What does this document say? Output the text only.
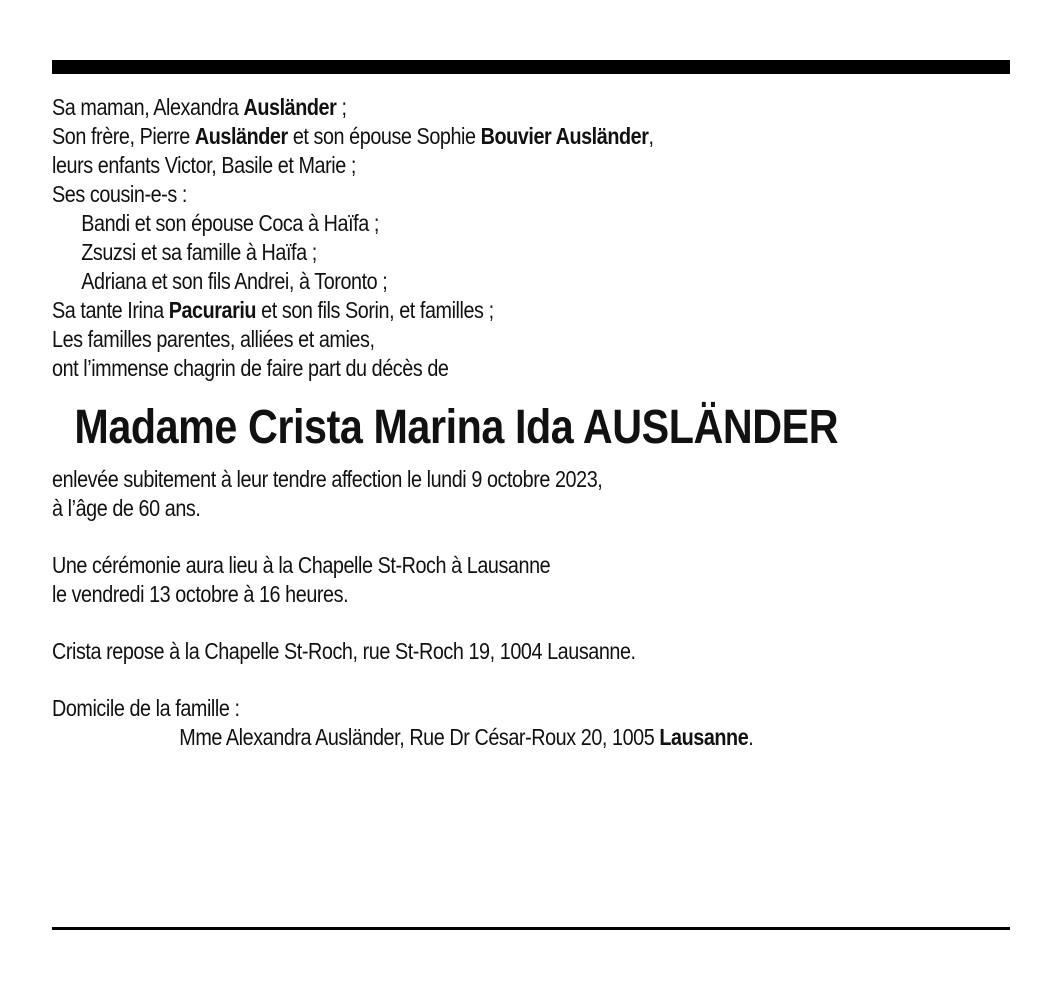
Sa maman, Alexandra Ausländer ;
Son frère, Pierre Ausländer et son épouse Sophie Bouvier Ausländer,
leurs enfants Victor, Basile et Marie ;
Ses cousin-e-s :
Bandi et son épouse Coca à Haïfa ;
Zsuzsi et sa famille à Haïfa ;
Adriana et son fils Andrei, à Toronto ;
Sa tante Irina Pacurariu et son fils Sorin, et familles ;
Les familles parentes, alliées et amies,
ont l’immense chagrin de faire part du décès de
Madame Crista Marina Ida AUSLÄNDER
enlevée subitement à leur tendre affection le lundi 9 octobre 2023,
à l’âge de 60 ans.
Une cérémonie aura lieu à la Chapelle St-Roch à Lausanne
le vendredi 13 octobre à 16 heures.
Crista repose à la Chapelle St-Roch, rue St-Roch 19, 1004 Lausanne.
Domicile de la famille :
Mme Alexandra Ausländer, Rue Dr César-Roux 20, 1005 Lausanne.
